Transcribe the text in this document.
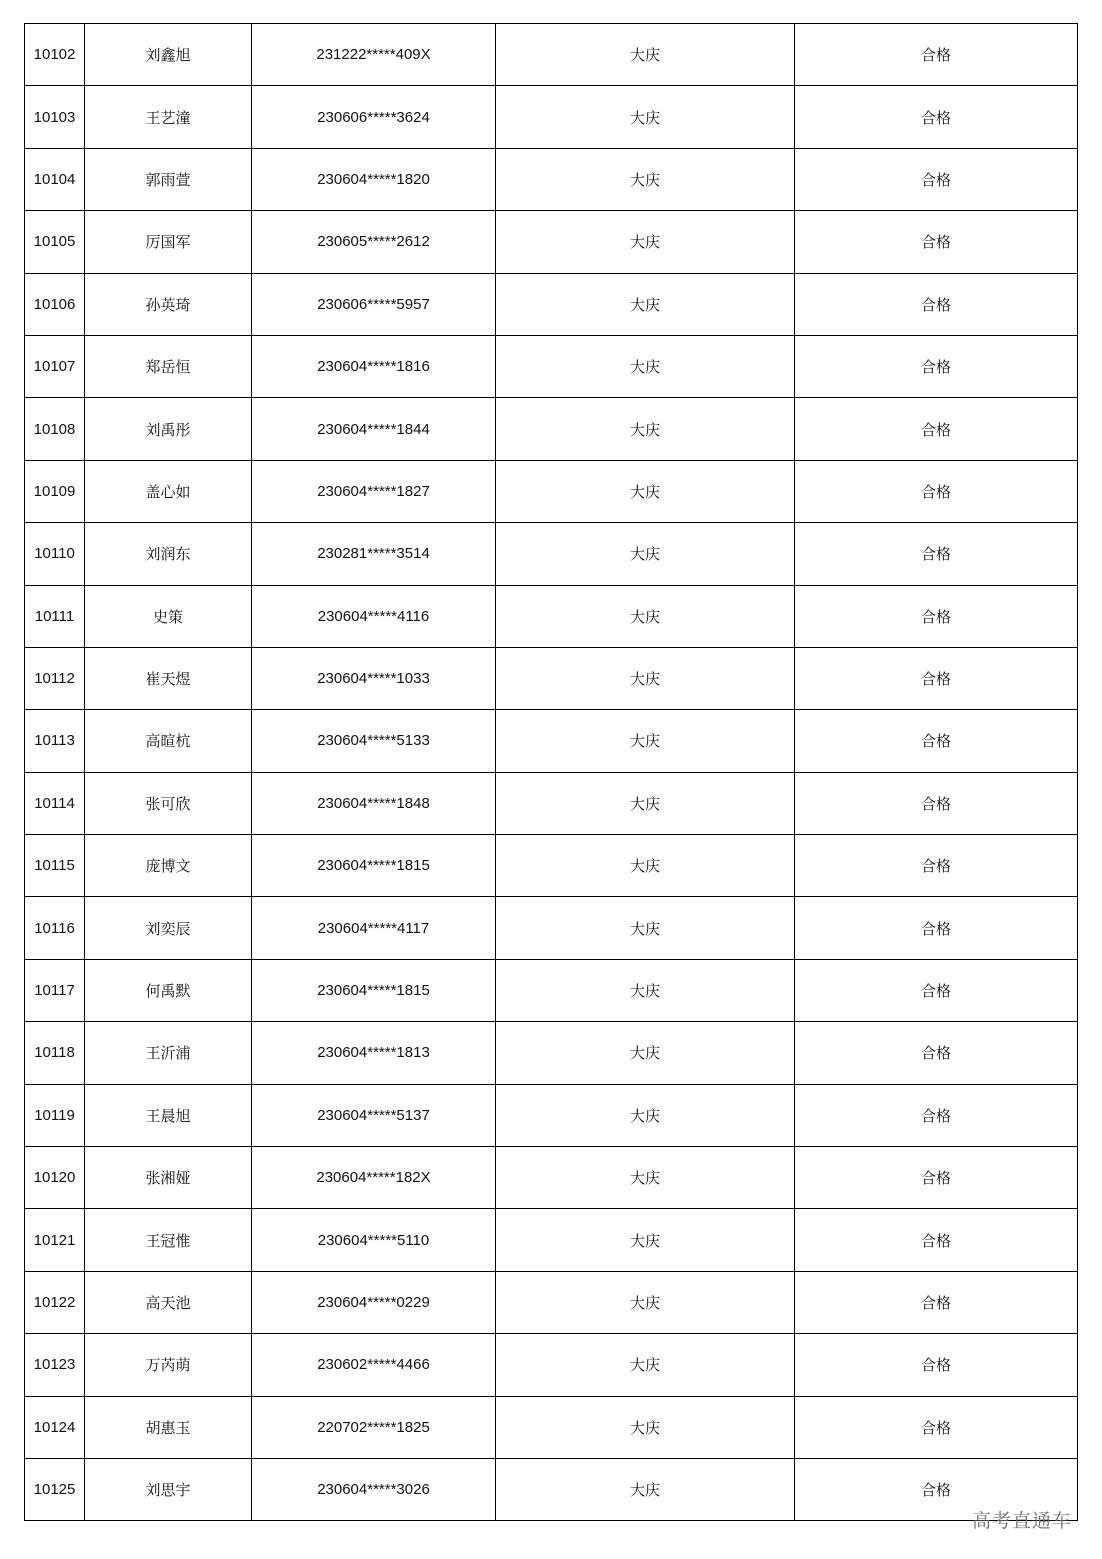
10102	刘鑫旭	231222*****409X	大庆	合格
10103	王艺潼	230606*****3624	大庆	合格
10104	郭雨萱	230604*****1820	大庆	合格
10105	厉国军	230605*****2612	大庆	合格
10106	孙英琦	230606*****5957	大庆	合格
10107	郑岳恒	230604*****1816	大庆	合格
10108	刘禹彤	230604*****1844	大庆	合格
10109	盖心如	230604*****1827	大庆	合格
10110	刘润东	230281*****3514	大庆	合格
10111	史策	230604*****4116	大庆	合格
10112	崔天煜	230604*****1033	大庆	合格
10113	高暄杭	230604*****5133	大庆	合格
10114	张可欣	230604*****1848	大庆	合格
10115	庞博文	230604*****1815	大庆	合格
10116	刘奕辰	230604*****4117	大庆	合格
10117	何禹默	230604*****1815	大庆	合格
10118	王沂浦	230604*****1813	大庆	合格
10119	王晨旭	230604*****5137	大庆	合格
10120	张湘娅	230604*****182X	大庆	合格
10121	王冠惟	230604*****5110	大庆	合格
10122	高天池	230604*****0229	大庆	合格
10123	万芮萌	230602*****4466	大庆	合格
10124	胡惠玉	220702*****1825	大庆	合格
10125	刘思宇	230604*****3026	大庆	合格
高考直通车
